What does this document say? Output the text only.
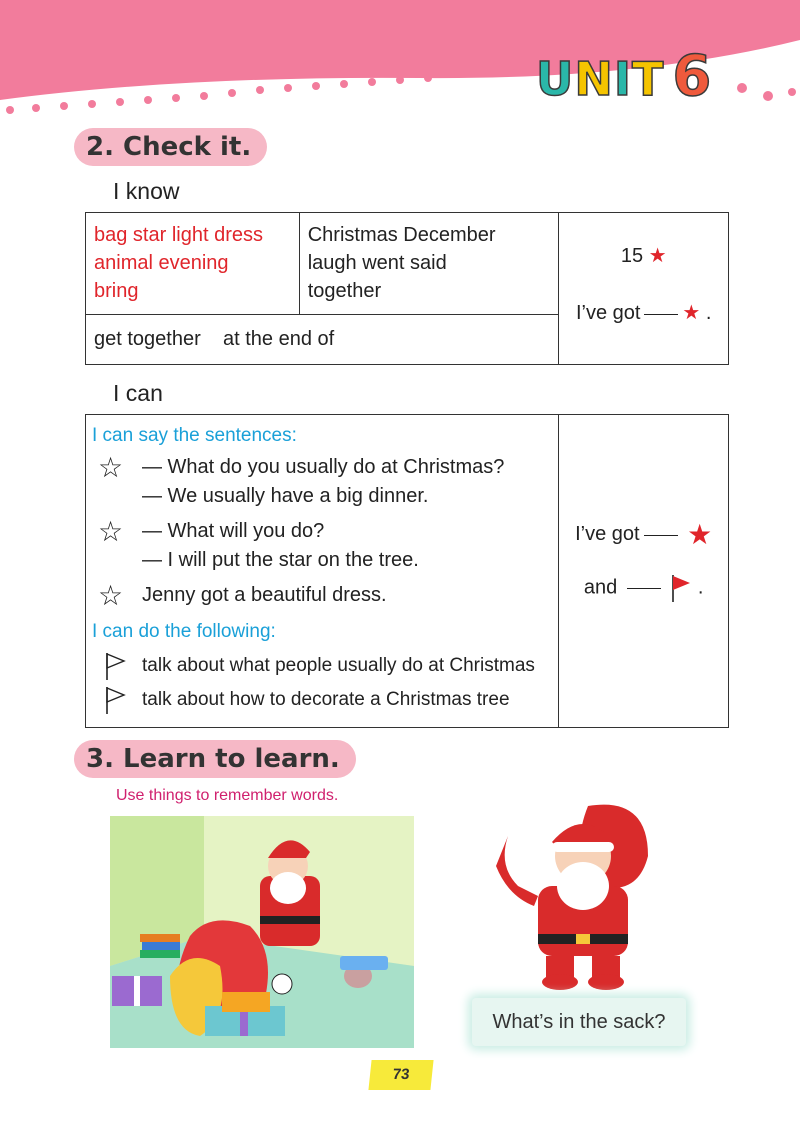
UNIT 6
2. Check it.
I know
bag star light dress
animal evening
bring

Christmas December
laugh went said
together

15 ★
I’ve got ★ .

get together    at the end of
I can
I can say the sentences:
☆ — What do you usually do at Christmas?
— We usually have a big dinner.
☆ — What will you do?
— I will put the star on the tree.
☆ Jenny got a beautiful dress.
I can do the following:
talk about what people usually do at Christmas
talk about how to decorate a Christmas tree

I’ve got ★
and	.
3. Learn to learn.
Use things to remember words.
What’s in the sack?
73
